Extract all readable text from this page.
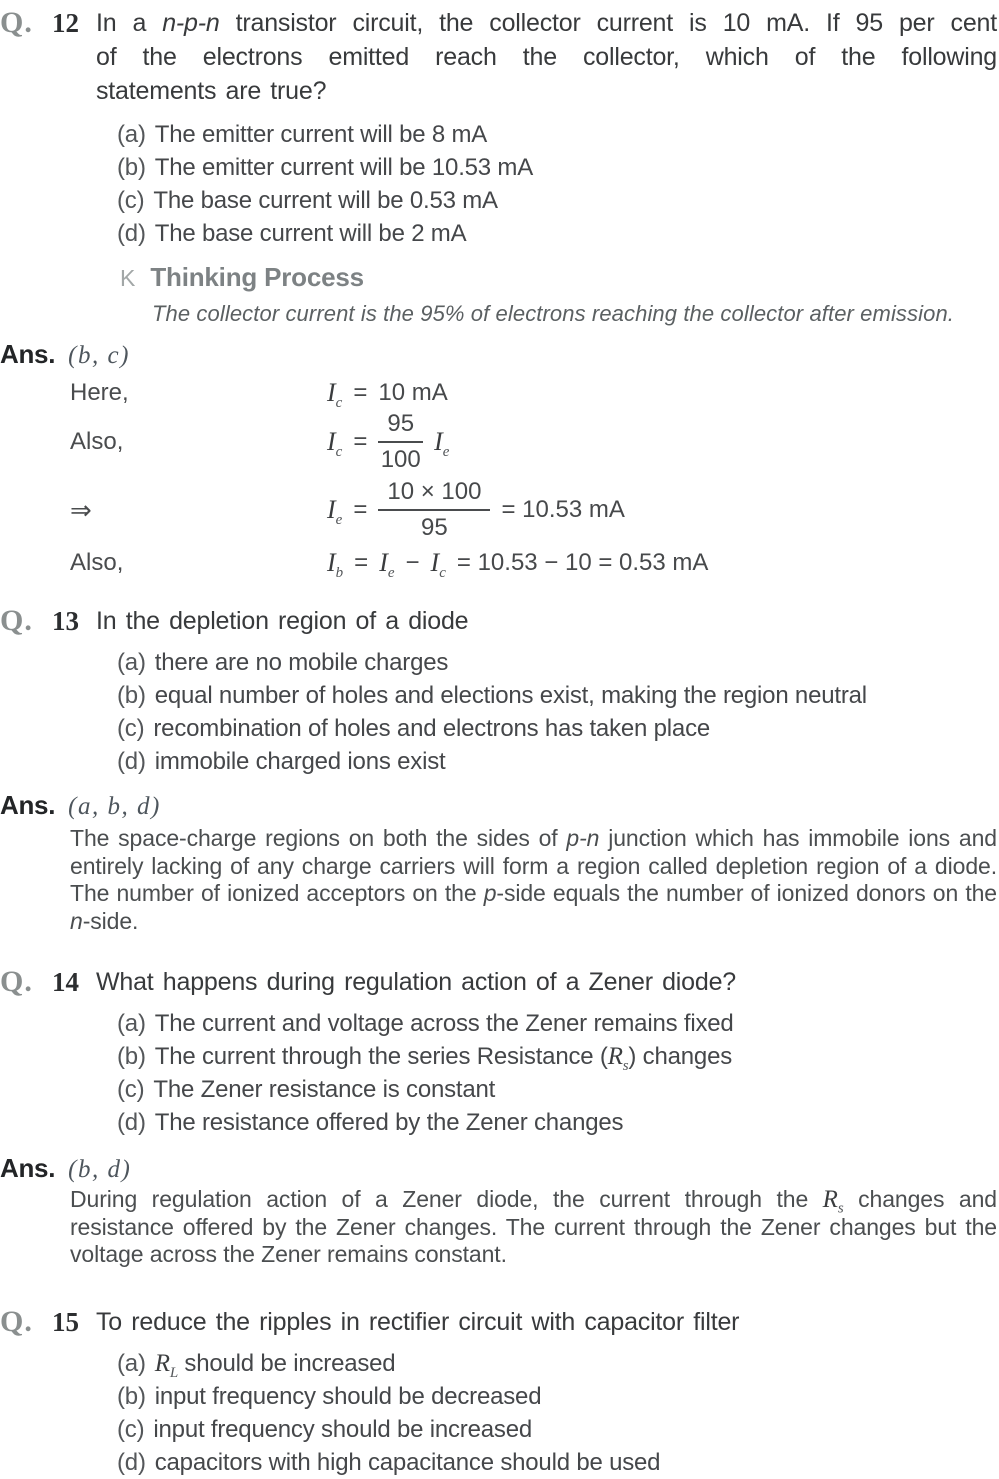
Q. 12 In a n-p-n transistor circuit, the collector current is 10 mA. If 95 per cent
of the electrons emitted reach the collector, which of the following
statements are true?
(a) The emitter current will be 8 mA
(b) The emitter current will be 10.53 mA
(c) The base current will be 0.53 mA
(d) The base current will be 2 mA
K Thinking Process
The collector current is the 95% of electrons reaching the collector after emission.
Ans. (b, c)
Here,	$I_c = 10$ mA
Also,	$I_c = \frac{95}{100} I_e$
⇒	$I_e = \frac{10 \times 100}{95} = 10.53$ mA
Also,	$I_b = I_e - I_c = 10.53 - 10 = 0.53$ mA
Q. 13 In the depletion region of a diode
(a) there are no mobile charges
(b) equal number of holes and elections exist, making the region neutral
(c) recombination of holes and electrons has taken place
(d) immobile charged ions exist
Ans. (a, b, d)
The space-charge regions on both the sides of p-n junction which has immobile ions and
entirely lacking of any charge carriers will form a region called depletion region of a diode.
The number of ionized acceptors on the p-side equals the number of ionized donors on the
n-side.
Q. 14 What happens during regulation action of a Zener diode?
(a) The current and voltage across the Zener remains fixed
(b) The current through the series Resistance $(R_s)$ changes
(c) The Zener resistance is constant
(d) The resistance offered by the Zener changes
Ans. (b, d)
During regulation action of a Zener diode, the current through the $R_s$ changes and
resistance offered by the Zener changes. The current through the Zener changes but the
voltage across the Zener remains constant.
Q. 15 To reduce the ripples in rectifier circuit with capacitor filter
(a) $R_L$ should be increased
(b) input frequency should be decreased
(c) input frequency should be increased
(d) capacitors with high capacitance should be used
